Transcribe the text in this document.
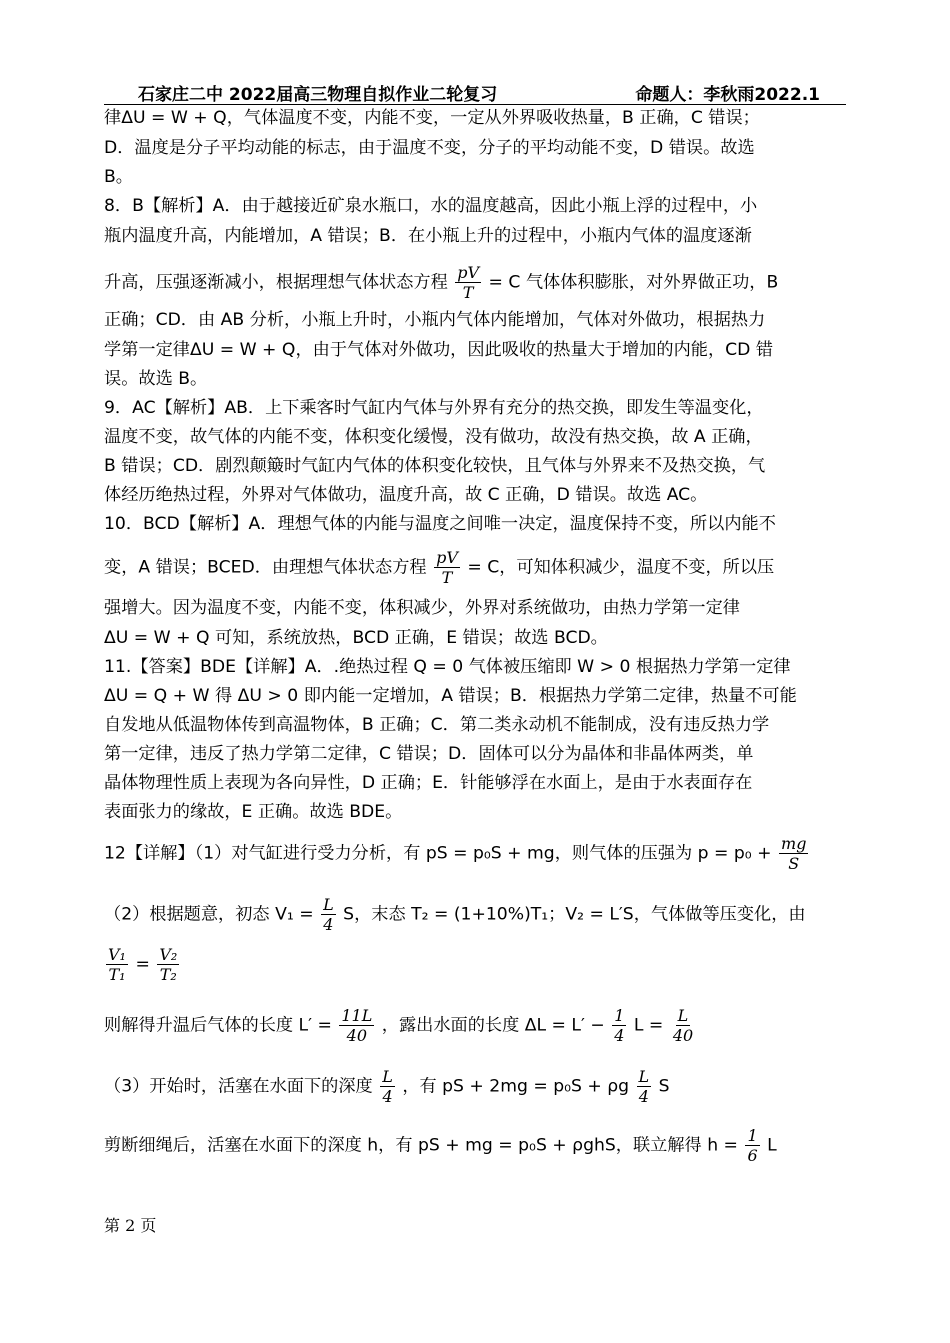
石家庄二中 2022届高三物理自拟作业二轮复习	命题人：李秋雨2022.1
律ΔU = W + Q，气体温度不变，内能不变，一定从外界吸收热量，B 正确，C 错误；
D．温度是分子平均动能的标志，由于温度不变，分子的平均动能不变，D 错误。故选
B。
8．B【解析】A．由于越接近矿泉水瓶口，水的温度越高，因此小瓶上浮的过程中，小
瓶内温度升高，内能增加，A 错误；B．在小瓶上升的过程中，小瓶内气体的温度逐渐
升高，压强逐渐减小，根据理想气体状态方程 $\frac{pV}{T} = C$ 气体体积膨胀，对外界做正功，B
正确；CD．由 AB 分析，小瓶上升时，小瓶内气体内能增加，气体对外做功，根据热力
学第一定律ΔU = W + Q，由于气体对外做功，因此吸收的热量大于增加的内能，CD 错
误。故选 B。
9．AC【解析】AB．上下乘客时气缸内气体与外界有充分的热交换，即发生等温变化，
温度不变，故气体的内能不变，体积变化缓慢，没有做功，故没有热交换，故 A 正确，
B 错误；CD．剧烈颠簸时气缸内气体的体积变化较快，且气体与外界来不及热交换，气
体经历绝热过程，外界对气体做功，温度升高，故 C 正确，D 错误。故选 AC。
10．BCD【解析】A．理想气体的内能与温度之间唯一决定，温度保持不变，所以内能不
变，A 错误；BCED．由理想气体状态方程 $\frac{pV}{T} = C$，可知体积减少，温度不变，所以压
强增大。因为温度不变，内能不变，体积减少，外界对系统做功，由热力学第一定律
ΔU = W + Q 可知，系统放热，BCD 正确，E 错误；故选 BCD。
11.【答案】BDE【详解】A．.绝热过程 Q = 0 气体被压缩即 W > 0 根据热力学第一定律
ΔU = Q + W 得 ΔU > 0 即内能一定增加，A 错误；B．根据热力学第二定律，热量不可能
自发地从低温物体传到高温物体，B 正确；C．第二类永动机不能制成，没有违反热力学
第一定律，违反了热力学第二定律，C 错误；D．固体可以分为晶体和非晶体两类，单
晶体物理性质上表现为各向异性，D 正确；E．针能够浮在水面上，是由于水表面存在
表面张力的缘故，E 正确。故选 BDE。
12【详解】（1）对气缸进行受力分析，有 pS = p₀S + mg，则气体的压强为 $p = p_0 + \frac{mg}{S}$
（2）根据题意，初态 $V_1 = \frac{L}{4}$ S，末态 T₂ = (1+10%)T₁；V₂ = L′S，气体做等压变化，由
$\frac{\text{V₁}}{\text{T₁}} = \frac{\text{V₂}}{\text{T₂}}$
则解得升温后气体的长度 $L' = \frac{11L}{40}$ ，露出水面的长度 $\Delta L = L' - \frac{1}{4}$ $L = \frac{L}{40}$
（3）开始时，活塞在水面下的深度 $\frac{L}{4}$ ，有 pS + 2mg = p₀S + ρg $\frac{L}{4}$ S
剪断细绳后，活塞在水面下的深度 h，有 pS + mg = p₀S + ρghS，联立解得 $h = \frac{1}{6}$ L
第 2 页
